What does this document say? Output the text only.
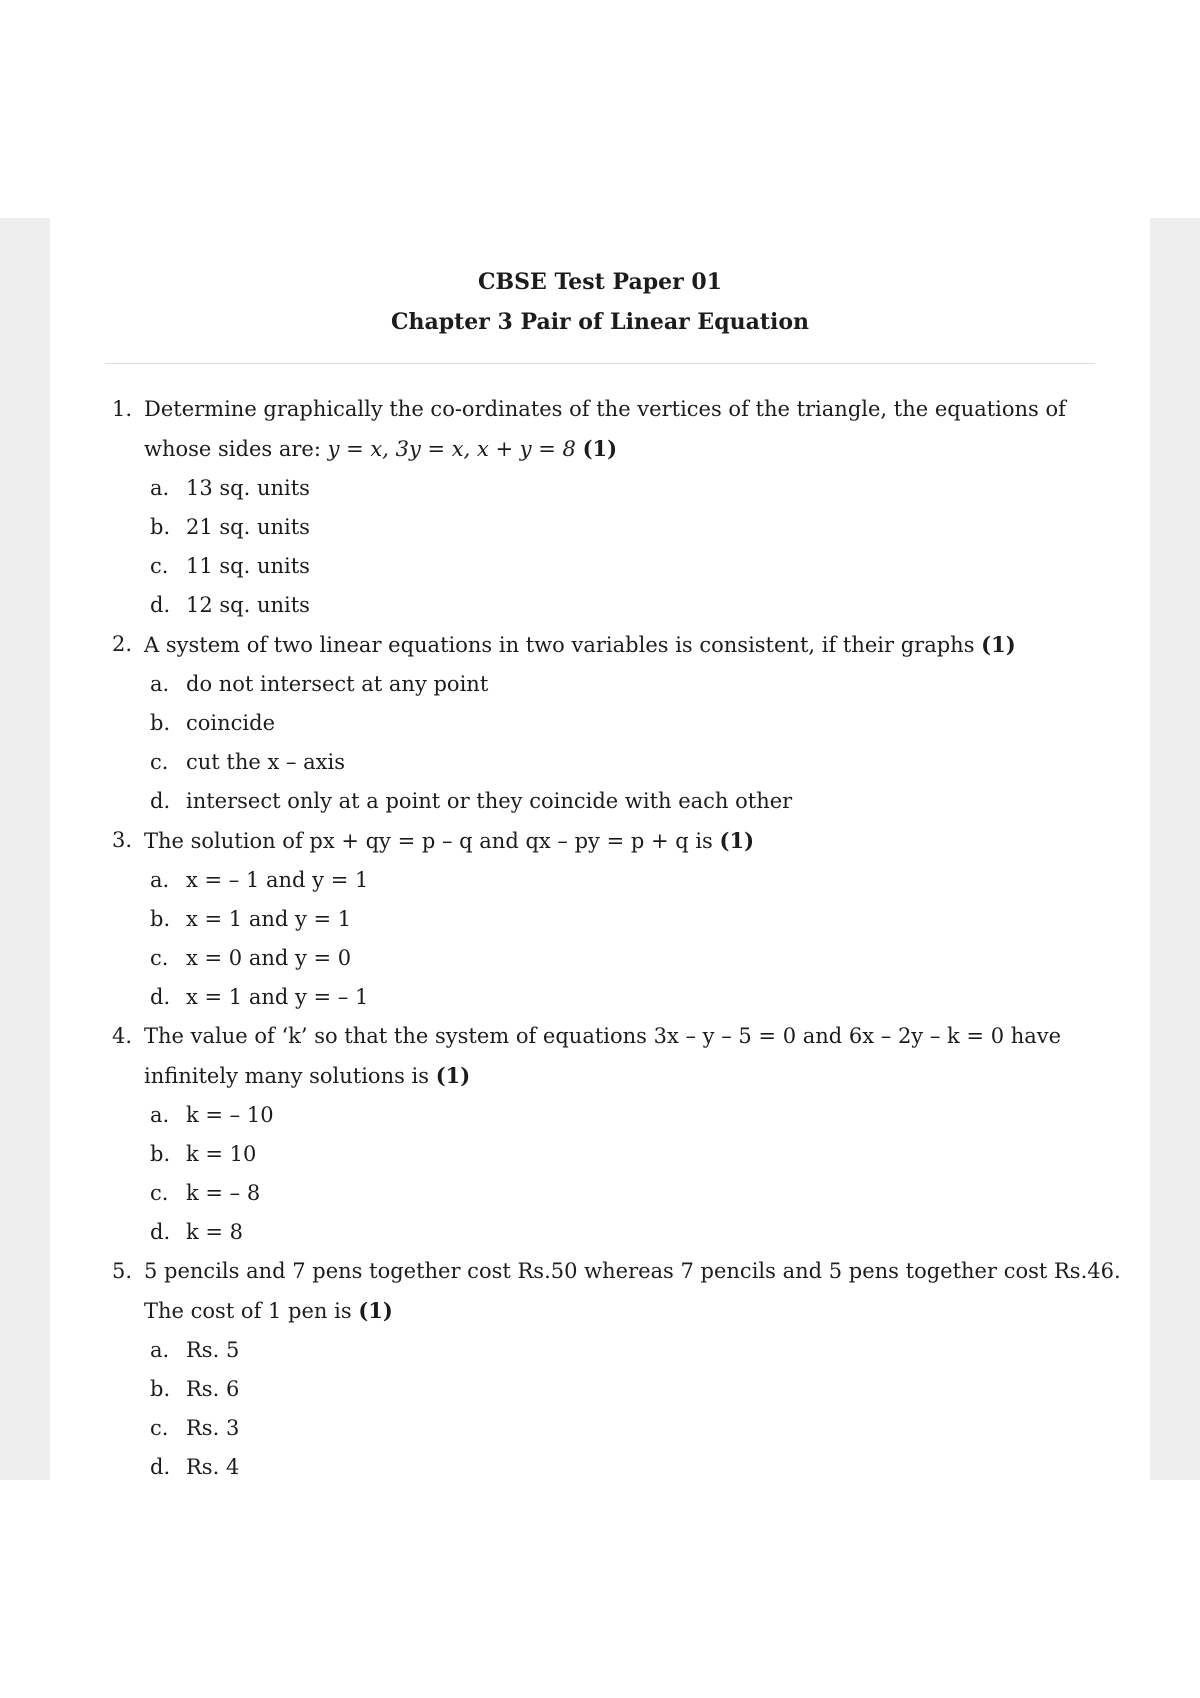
CBSE Test Paper 01

Chapter 3 Pair of Linear Equation

1. Determine graphically the co-ordinates of the vertices of the triangle, the equations of whose sides are: y = x, 3y = x, x + y = 8 (1)
a. 13 sq. units
b. 21 sq. units
c. 11 sq. units
d. 12 sq. units
2. A system of two linear equations in two variables is consistent, if their graphs (1)
a. do not intersect at any point
b. coincide
c. cut the x – axis
d. intersect only at a point or they coincide with each other
3. The solution of px + qy = p – q and qx – py = p + q is (1)
a. x = – 1 and y = 1
b. x = 1 and y = 1
c. x = 0 and y = 0
d. x = 1 and y = – 1
4. The value of ‘k’ so that the system of equations 3x – y – 5 = 0 and 6x – 2y – k = 0 have infinitely many solutions is (1)
a. k = – 10
b. k = 10
c. k = – 8
d. k = 8
5. 5 pencils and 7 pens together cost Rs.50 whereas 7 pencils and 5 pens together cost Rs.46. The cost of 1 pen is (1)
a. Rs. 5
b. Rs. 6
c. Rs. 3
d. Rs. 4
